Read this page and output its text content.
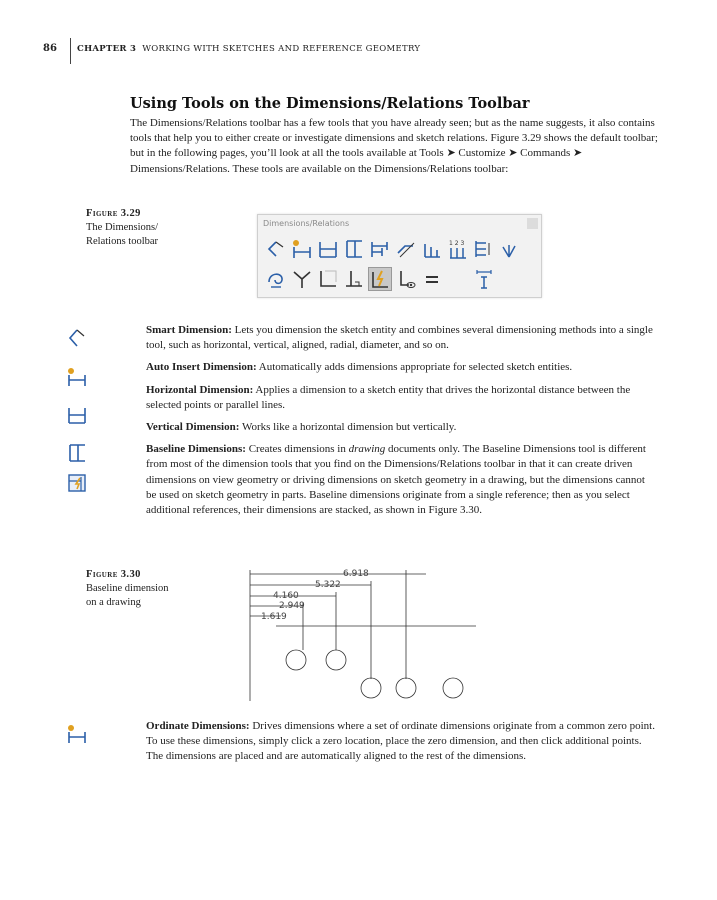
86 CHAPTER 3 WORKING WITH SKETCHES AND REFERENCE GEOMETRY
Using Tools on the Dimensions/Relations Toolbar
The Dimensions/Relations toolbar has a few tools that you have already seen; but as the name suggests, it also contains tools that help you to either create or investigate dimensions and sketch relations. Figure 3.29 shows the default toolbar; but in the following pages, you’ll look at all the tools available at Tools ➤ Customize ➤ Commands ➤ Dimensions/Relations. These tools are available on the Dimensions/Relations toolbar:
Figure 3.29
The Dimensions/
Relations toolbar
Dimensions/Relations
1 2 3

Smart Dimension: Lets you dimension the sketch entity and combines several dimensioning methods into a single tool, such as horizontal, vertical, aligned, radial, diameter, and so on.

Auto Insert Dimension: Automatically adds dimensions appropriate for selected sketch entities.

Horizontal Dimension: Applies a dimension to a sketch entity that drives the horizontal distance between the selected points or parallel lines.

Vertical Dimension: Works like a horizontal dimension but vertically.

Baseline Dimensions: Creates dimensions in drawing documents only. The Baseline Dimensions tool is different from most of the dimension tools that you find on the Dimensions/Relations toolbar in that it can create driven dimensions on view geometry or driving dimensions on sketch geometry in a drawing, but the dimensions cannot be used on sketch geometry in parts. Baseline dimensions originate from a single reference; then as you select additional references, their dimensions are stacked, as shown in Figure 3.30.

Figure 3.30
Baseline dimension
on a drawing
6.918
5.322
4.160
2.949
1.619

Ordinate Dimensions: Drives dimensions where a set of ordinate dimensions originate from a common zero point. To use these dimensions, simply click a zero location, place the zero dimension, and then click additional points. The dimensions are placed and are automatically aligned to the rest of the dimensions.
